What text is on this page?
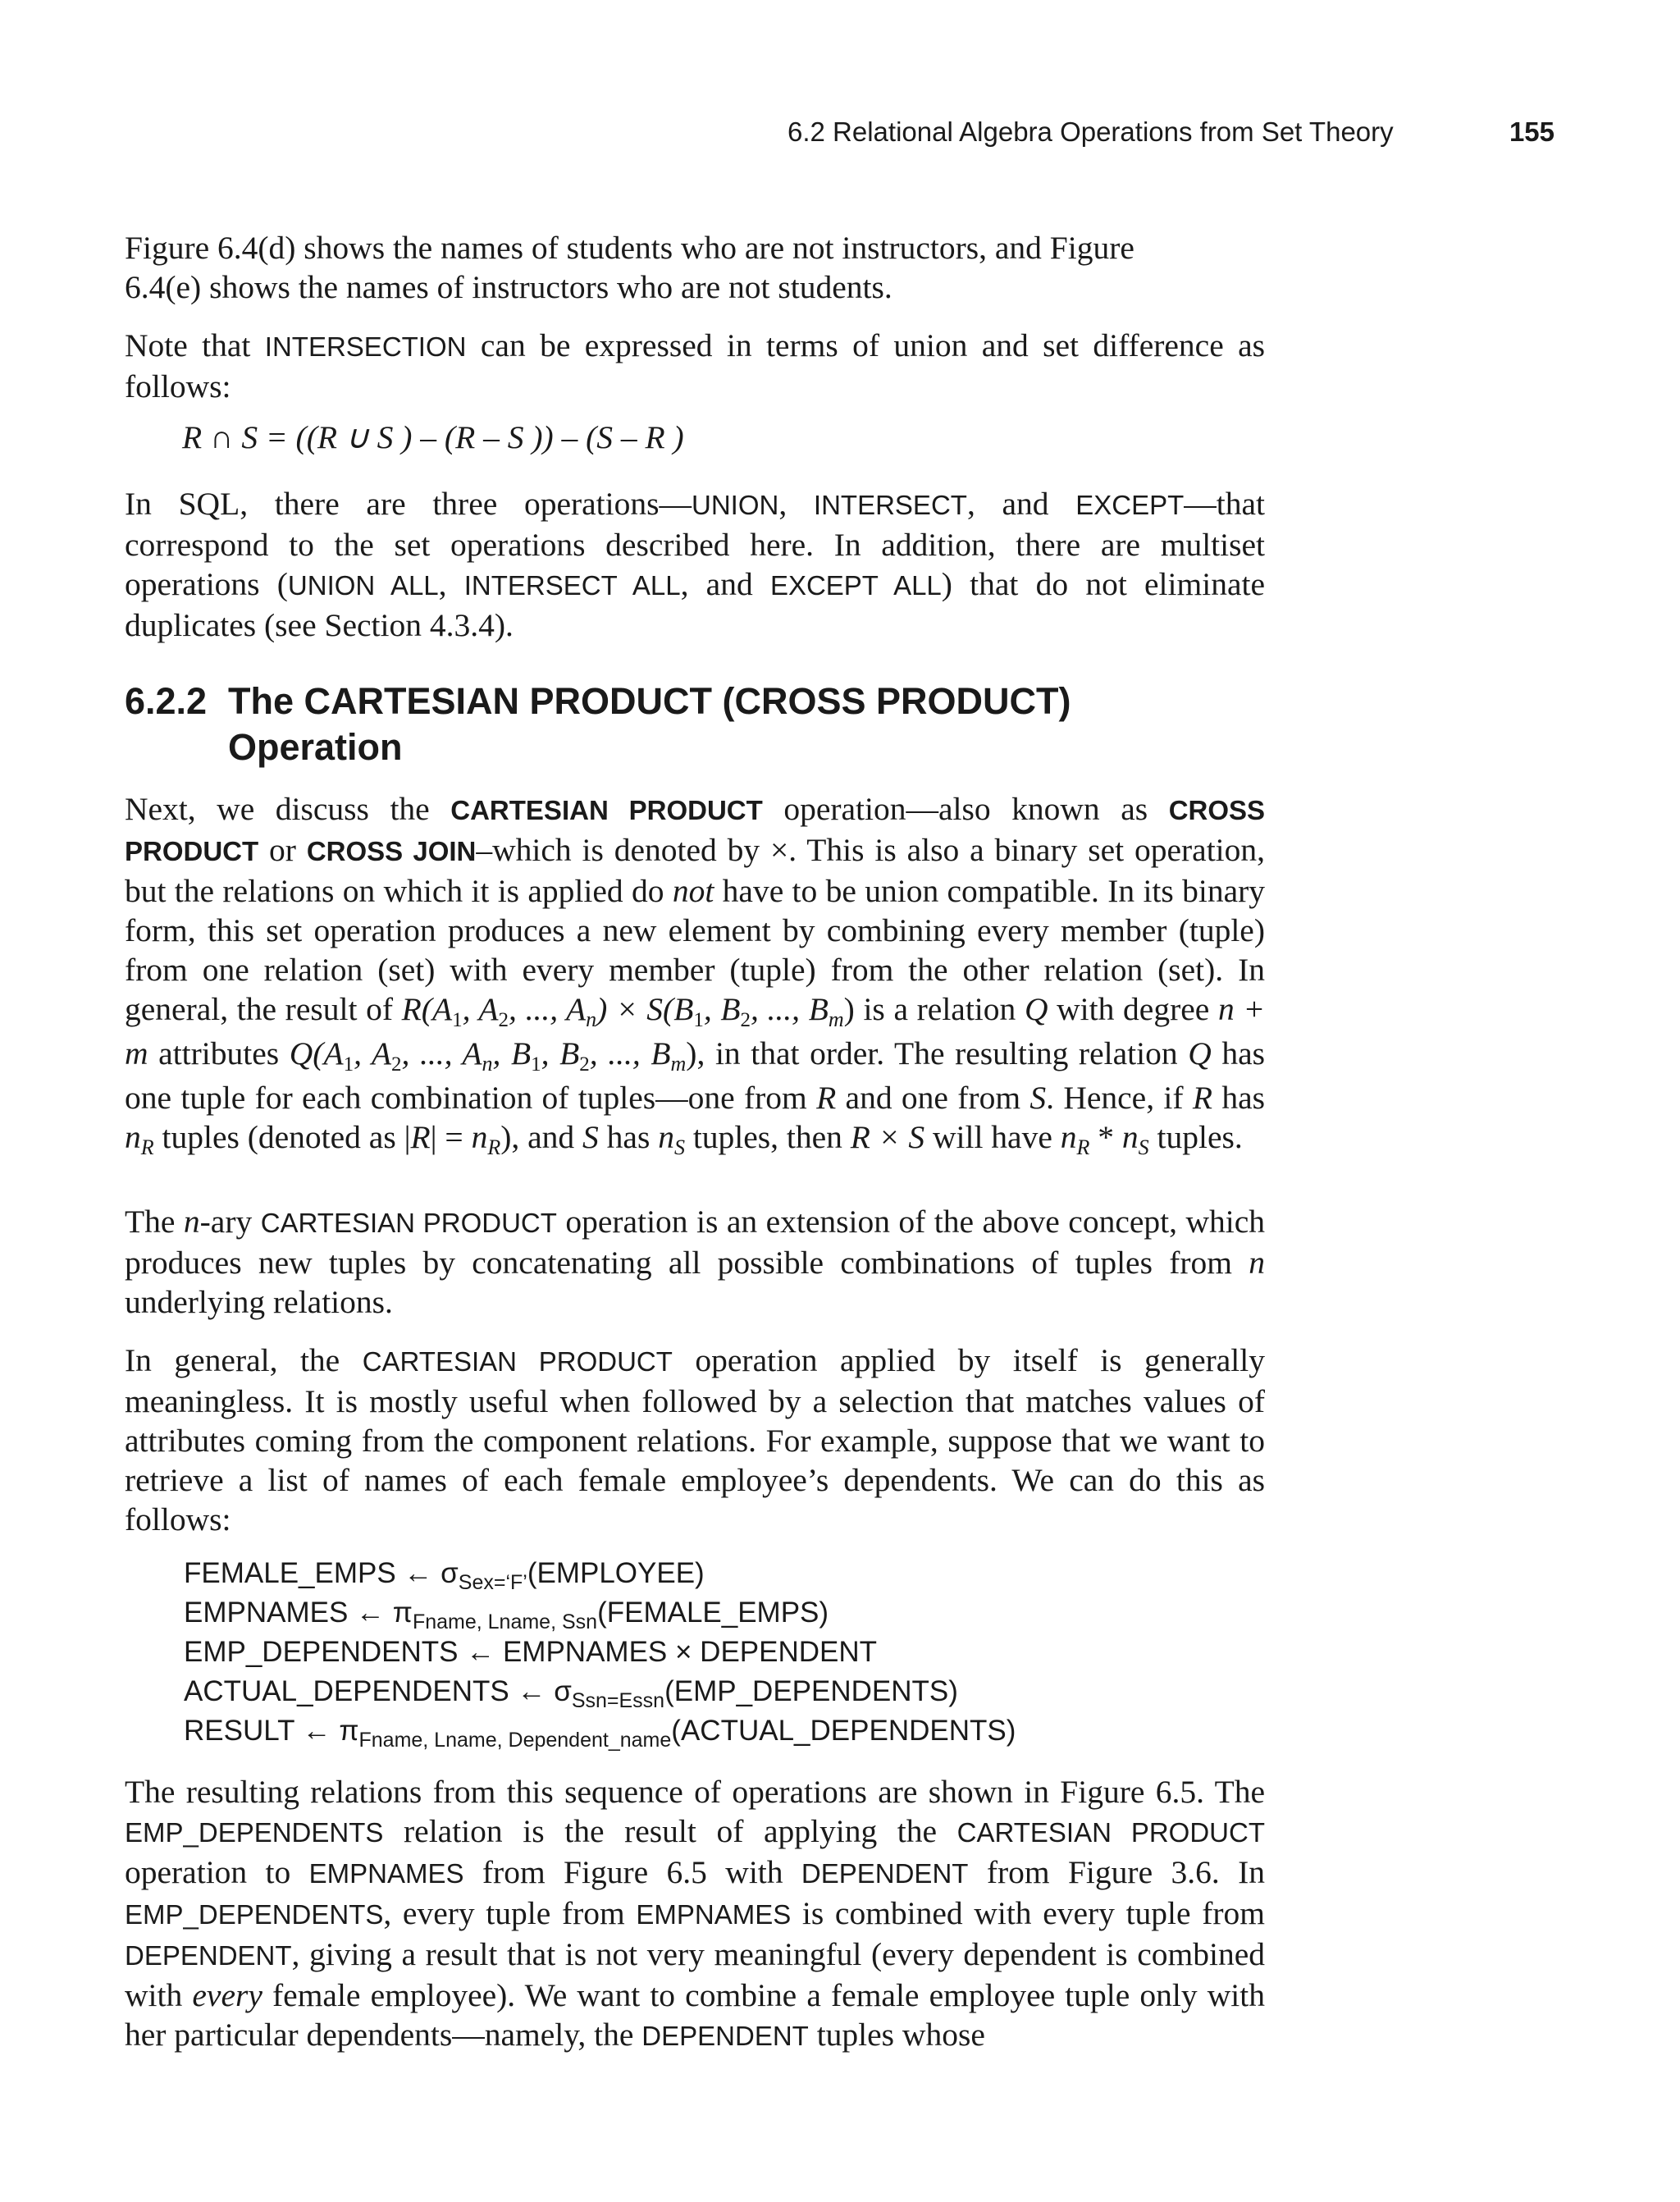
6.2 Relational Algebra Operations from Set Theory	155

Figure 6.4(d) shows the names of students who are not instructors, and Figure

6.4(e) shows the names of instructors who are not students.

Note that INTERSECTION can be expressed in terms of union and set difference as follows:

R ∩ S = ((R ∪ S ) – (R – S )) – (S – R )

In SQL, there are three operations—UNION, INTERSECT, and EXCEPT—that correspond to the set operations described here. In addition, there are multiset operations (UNION ALL, INTERSECT ALL, and EXCEPT ALL) that do not eliminate duplicates (see Section 4.3.4).

6.2.2 The CARTESIAN PRODUCT (CROSS PRODUCT)
Operation

Next, we discuss the CARTESIAN PRODUCT operation—also known as CROSS PRODUCT or CROSS JOIN–which is denoted by ×. This is also a binary set operation, but the relations on which it is applied do not have to be union compatible. In its binary form, this set operation produces a new element by combining every member (tuple) from one relation (set) with every member (tuple) from the other relation (set). In general, the result of $R(A_1$, $A_2$, ..., $A_n) \times S(B_1$, $B_2$, ..., $B_m$) is a relation Q with degree n + m attributes $Q(A_1$, $A_2$, ..., $A_n$, $B_1$, $B_2$, ..., $B_m$), in that order. The resulting relation Q has one tuple for each combination of tuples—one from R and one from S. Hence, if R has $n_R$ tuples (denoted as $|R| = n_R$), and S has $n_S$ tuples, then R × S will have $n_R * n_S$ tuples.

The n-ary CARTESIAN PRODUCT operation is an extension of the above concept, which produces new tuples by concatenating all possible combinations of tuples from n underlying relations.

In general, the CARTESIAN PRODUCT operation applied by itself is generally meaningless. It is mostly useful when followed by a selection that matches values of attributes coming from the component relations. For example, suppose that we want to retrieve a list of names of each female employee’s dependents. We can do this as follows:

FEMALE_EMPS ← $\sigma_{Sex=‘F’}(EMPLOYEE)$
EMPNAMES ← $\pi_{Fname, Lname, Ssn}(FEMALE\_EMPS)$
EMP_DEPENDENTS ← EMPNAMES × DEPENDENT
ACTUAL_DEPENDENTS ← $\sigma_{Ssn=Essn}(EMP\_DEPENDENTS)$
RESULT ← $\pi_{Fname, Lname, Dependent\_name}(ACTUAL\_DEPENDENTS)$

The resulting relations from this sequence of operations are shown in Figure 6.5. The EMP_DEPENDENTS relation is the result of applying the CARTESIAN PRODUCT operation to EMPNAMES from Figure 6.5 with DEPENDENT from Figure 3.6. In EMP_DEPENDENTS, every tuple from EMPNAMES is combined with every tuple from DEPENDENT, giving a result that is not very meaningful (every dependent is combined with every female employee). We want to combine a female employee tuple only with her particular dependents—namely, the DEPENDENT tuples whose
